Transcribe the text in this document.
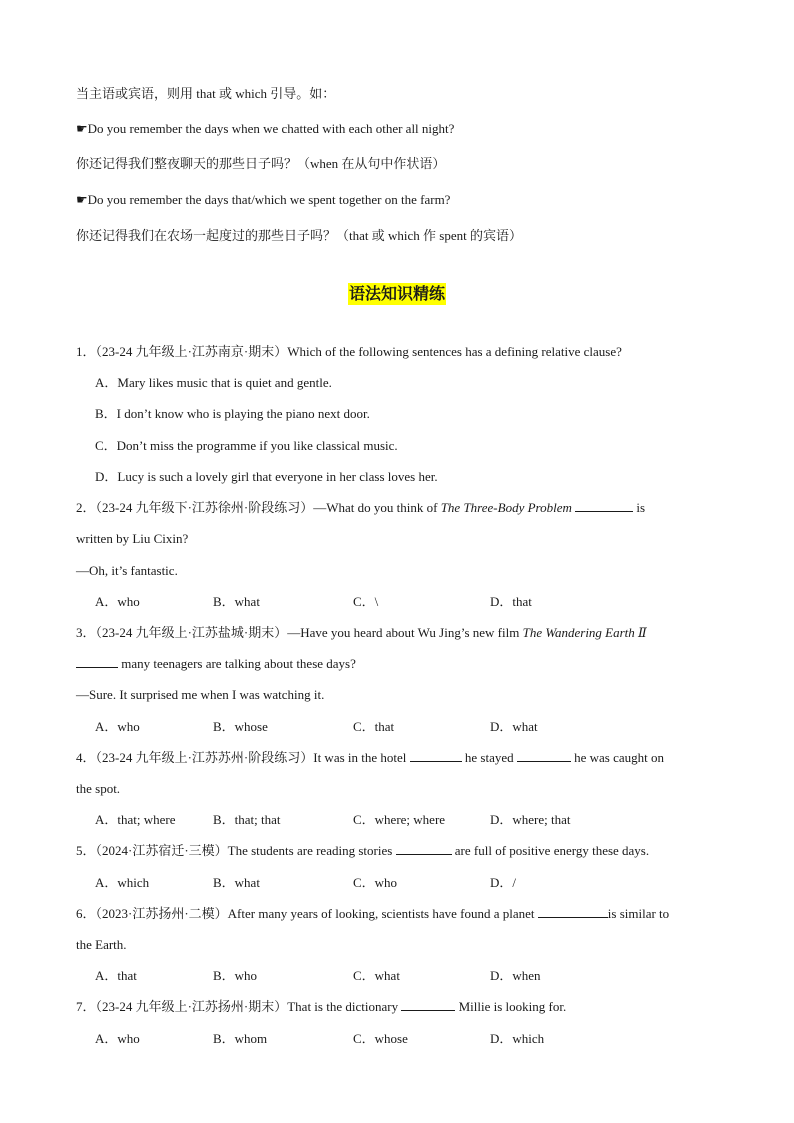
当主语或宾语，则用 that 或 which 引导。如：
☛Do you remember the days when we chatted with each other all night?
你还记得我们整夜聊天的那些日子吗？（when 在从句中作状语）
☛Do you remember the days that/which we spent together on the farm?
你还记得我们在农场一起度过的那些日子吗？（that 或 which 作 spent 的宾语）
语法知识精练
1．（23-24 九年级上·江苏南京·期末）Which of the following sentences has a defining relative clause?
A．Mary likes music that is quiet and gentle.
B．I don’t know who is playing the piano next door.
C．Don’t miss the programme if you like classical music.
D．Lucy is such a lovely girl that everyone in her class loves her.
2．（23-24 九年级下·江苏徐州·阶段练习）—What do you think of The Three-Body Problem	is
written by Liu Cixin?
—Oh, it’s fantastic.
A．who	B．what	C．\	D．that
3．（23-24 九年级上·江苏盐城·期末）—Have you heard about Wu Jing’s new film The Wandering Earth Ⅱ
many teenagers are talking about these days?
—Sure. It surprised me when I was watching it.
A．who	B．whose	C．that	D．what
4．（23-24 九年级上·江苏苏州·阶段练习）It was in the hotel	he stayed	he was caught on
the spot.
A．that; where	B．that; that	C．where; where	D．where; that
5．（2024·江苏宿迁·三模）The students are reading stories	are full of positive energy these days.
A．which	B．what	C．who	D．/
6．（2023·江苏扬州·二模）After many years of looking, scientists have found a planet	is similar to
the Earth.
A．that	B．who	C．what	D．when
7．（23-24 九年级上·江苏扬州·期末）That is the dictionary	Millie is looking for.
A．who	B．whom	C．whose	D．which
